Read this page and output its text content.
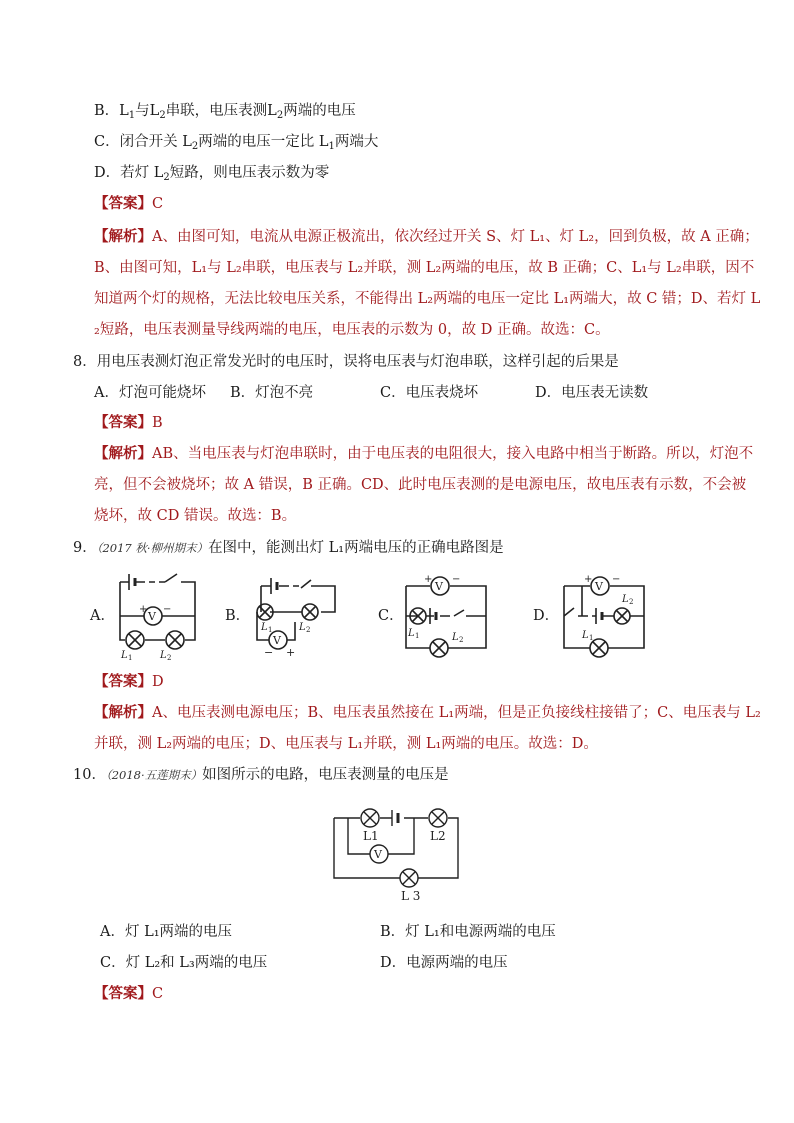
B．$L_1$与$L_2$串联，电压表测$L_2$两端的电压
C．闭合开关 $L_2$两端的电压一定比 $L_1$两端大
D．若灯 $L_2$短路，则电压表示数为零
【答案】C
【解析】A、由图可知，电流从电源正极流出，依次经过开关 S、灯 L₁、灯 L₂，回到负极，故 A 正确；
B、由图可知，L₁与 L₂串联，电压表与 L₂并联，测 L₂两端的电压，故 B 正确；C、L₁与 L₂串联，因不
知道两个灯的规格，无法比较电压关系，不能得出 L₂两端的电压一定比 L₁两端大，故 C 错；D、若灯 L
₂短路，电压表测量导线两端的电压，电压表的示数为 0，故 D 正确。故选：C。
8．用电压表测灯泡正常发光时的电压时，误将电压表与灯泡串联，这样引起的后果是
A．灯泡可能烧坏 B．灯泡不亮	C．电压表烧坏	D．电压表无读数
【答案】B
【解析】AB、当电压表与灯泡串联时，由于电压表的电阻很大，接入电路中相当于断路。所以，灯泡不
亮，但不会被烧坏；故 A 错误，B 正确。CD、此时电压表测的是电源电压，故电压表有示数，不会被
烧坏，故 CD 错误。故选：B。
9．（2017 秋·柳州期末）在图中，能测出灯 L₁两端电压的正确电路图是
A．	B．	C．	D．
V
+ −
L 1	L 2
V
− +
L 1	L 2
V
+ −
L 1	L 2
V
+ −
L 2
L 1
【答案】D
【解析】A、电压表测电源电压；B、电压表虽然接在 L₁两端，但是正负接线柱接错了；C、电压表与 L₂
并联，测 L₂两端的电压；D、电压表与 L₁并联，测 L₁两端的电压。故选：D。
10．（2018·五莲期末）如图所示的电路，电压表测量的电压是
V
L1	L2
L 3
A．灯 L₁两端的电压	B．灯 L₁和电源两端的电压
C．灯 L₂和 L₃两端的电压	D．电源两端的电压
【答案】C
